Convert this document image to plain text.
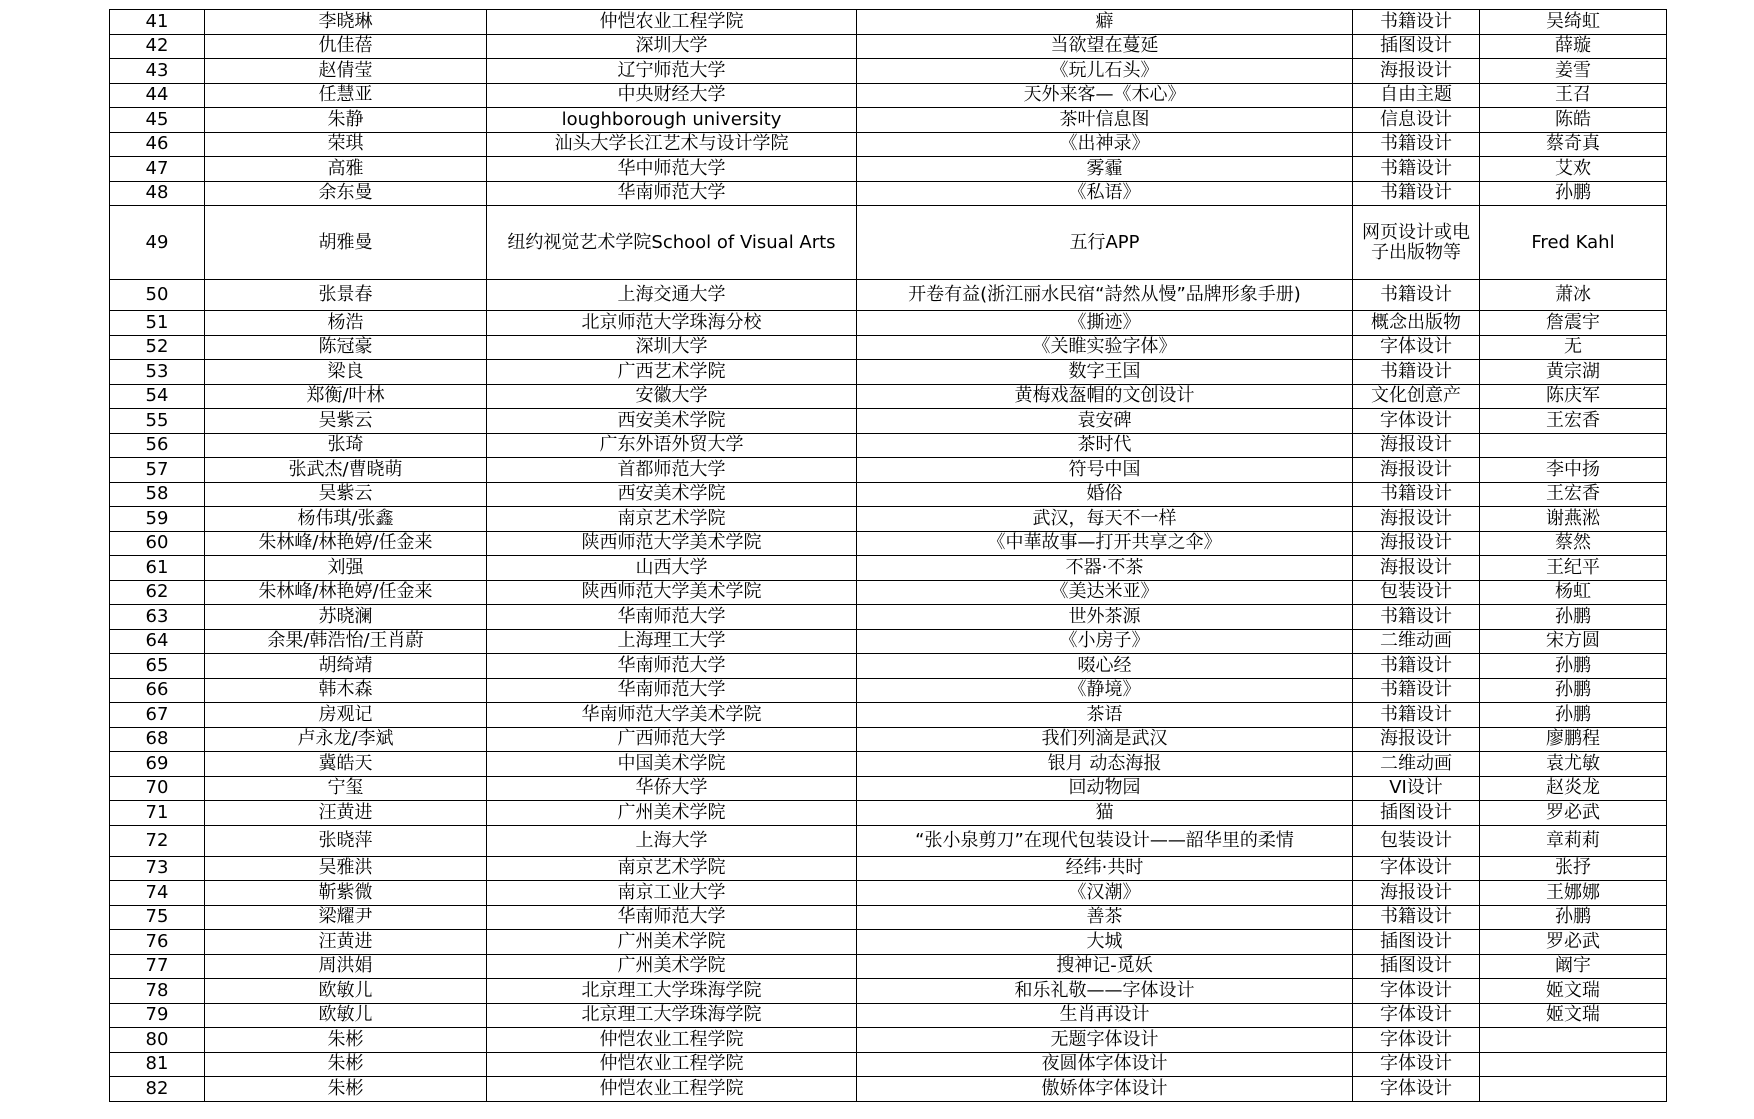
41	李晓琳	仲恺农业工程学院	癖	书籍设计	吴绮虹
42	仇佳蓓	深圳大学	当欲望在蔓延	插图设计	薛璇
43	赵倩莹	辽宁师范大学	《玩儿石头》	海报设计	姜雪
44	任慧亚	中央财经大学	天外来客—《木心》	自由主题	王召
45	朱静	loughborough university	茶叶信息图	信息设计	陈皓
46	荣琪	汕头大学长江艺术与设计学院	《出神录》	书籍设计	蔡奇真
47	高雅	华中师范大学	雾霾	书籍设计	艾欢
48	余东曼	华南师范大学	《私语》	书籍设计	孙鹏
49	胡雅曼	纽约视觉艺术学院School of Visual Arts	五行APP	网页设计或电子出版物等	Fred Kahl
50	张景春	上海交通大学	开卷有益(浙江丽水民宿“詩然从慢”品牌形象手册)	书籍设计	萧冰
51	杨浩	北京师范大学珠海分校	《撕迹》	概念出版物	詹震宇
52	陈冠豪	深圳大学	《关睢实验字体》	字体设计	无
53	梁良	广西艺术学院	数字王国	书籍设计	黄宗湖
54	郑衡/叶林	安徽大学	黄梅戏盔帽的文创设计	文化创意产	陈庆军
55	吴紫云	西安美术学院	袁安碑	字体设计	王宏香
56	张琦	广东外语外贸大学	茶时代	海报设计	
57	张武杰/曹晓萌	首都师范大学	符号中国	海报设计	李中扬
58	吴紫云	西安美术学院	婚俗	书籍设计	王宏香
59	杨伟琪/张鑫	南京艺术学院	武汉，每天不一样	海报设计	谢燕淞
60	朱林峰/林艳婷/任金来	陕西师范大学美术学院	《中華故事—打开共享之伞》	海报设计	蔡然
61	刘强	山西大学	不器·不茶	海报设计	王纪平
62	朱林峰/林艳婷/任金来	陕西师范大学美术学院	《美达米亚》	包装设计	杨虹
63	苏晓澜	华南师范大学	世外茶源	书籍设计	孙鹏
64	余果/韩浩怡/王肖蔚	上海理工大学	《小房子》	二维动画	宋方圆
65	胡绮靖	华南师范大学	啜心经	书籍设计	孙鹏
66	韩木森	华南师范大学	《静境》	书籍设计	孙鹏
67	房观记	华南师范大学美术学院	茶语	书籍设计	孙鹏
68	卢永龙/李斌	广西师范大学	我们列滴是武汉	海报设计	廖鹏程
69	冀皓天	中国美术学院	银月 动态海报	二维动画	袁尤敏
70	宁玺	华侨大学	回动物园	VI设计	赵炎龙
71	汪黄进	广州美术学院	猫	插图设计	罗必武
72	张晓萍	上海大学	“张小泉剪刀”在现代包装设计——韶华里的柔情	包装设计	章莉莉
73	吴雅洪	南京艺术学院	经纬·共时	字体设计	张抒
74	靳紫微	南京工业大学	《汉潮》	海报设计	王娜娜
75	梁耀尹	华南师范大学	善茶	书籍设计	孙鹏
76	汪黄进	广州美术学院	大城	插图设计	罗必武
77	周洪娟	广州美术学院	搜神记-觅妖	插图设计	阚宇
78	欧敏儿	北京理工大学珠海学院	和乐礼敬——字体设计	字体设计	姬文瑞
79	欧敏儿	北京理工大学珠海学院	生肖再设计	字体设计	姬文瑞
80	朱彬	仲恺农业工程学院	无题字体设计	字体设计	
81	朱彬	仲恺农业工程学院	夜圆体字体设计	字体设计	
82	朱彬	仲恺农业工程学院	傲娇体字体设计	字体设计	
